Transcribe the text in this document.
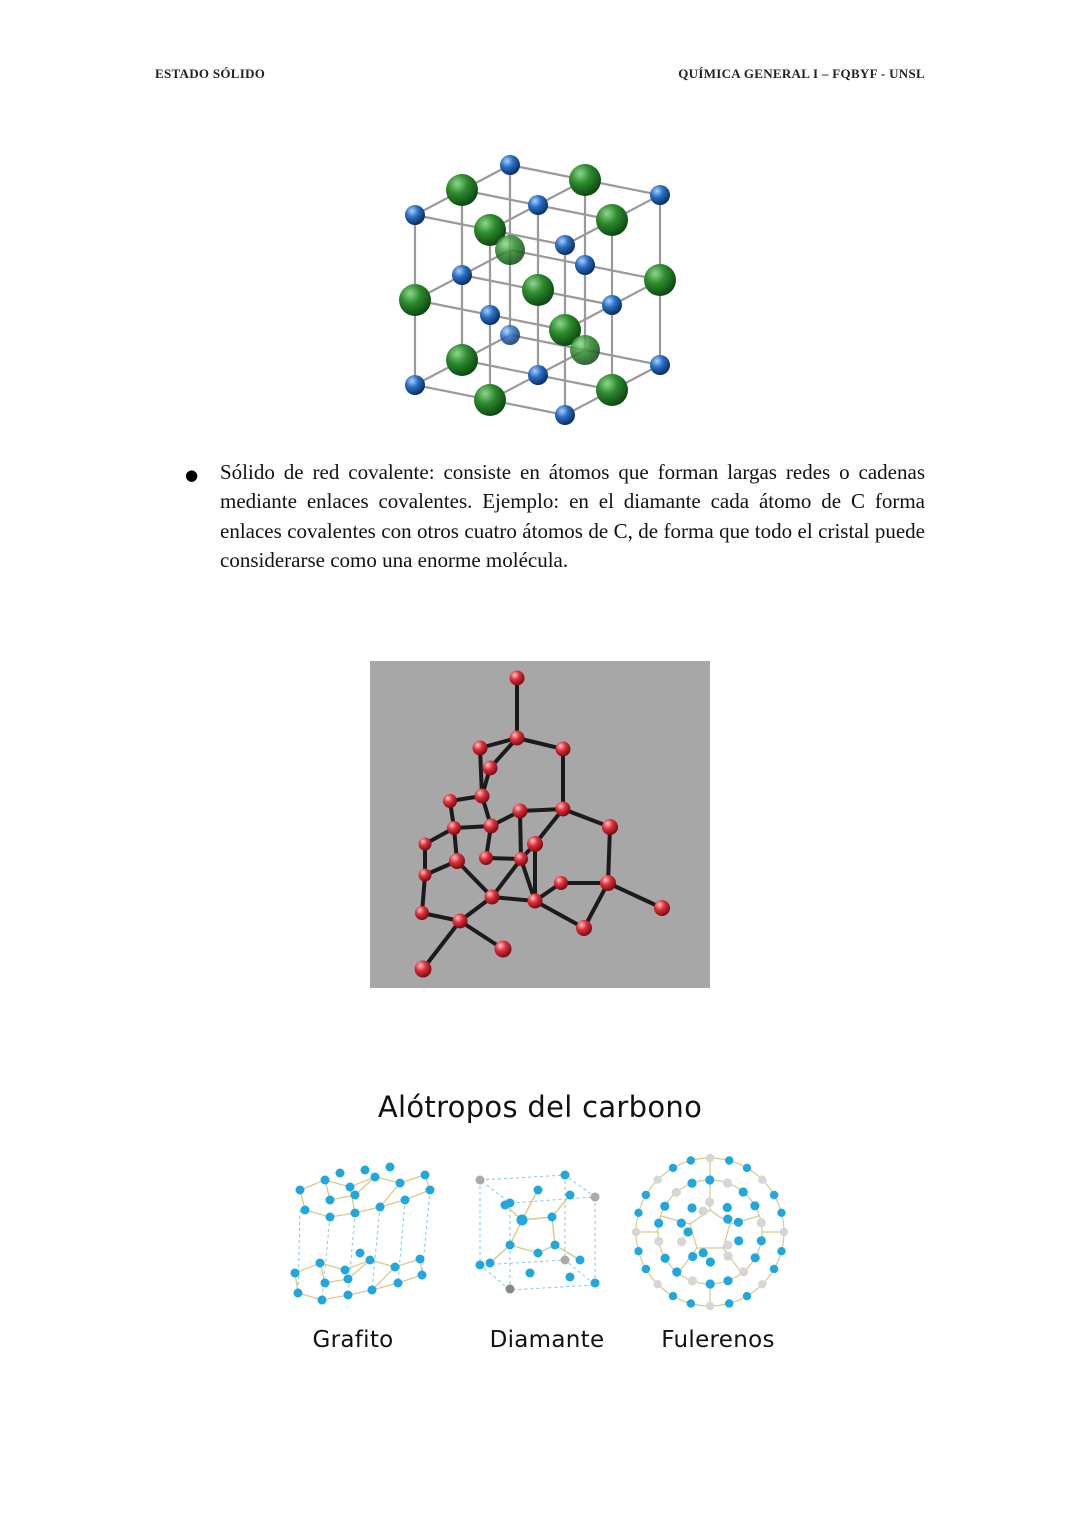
ESTADO SÓLIDO	QUÍMICA GENERAL I – FQBYF - UNSL
● Sólido de red covalente: consiste en átomos que forman largas redes o cadenas mediante enlaces covalentes. Ejemplo: en el diamante cada átomo de C forma enlaces covalentes con otros cuatro átomos de C, de forma que todo el cristal puede considerarse como una enorme molécula.
Alótropos del carbono
Grafito	Diamante	Fulerenos
